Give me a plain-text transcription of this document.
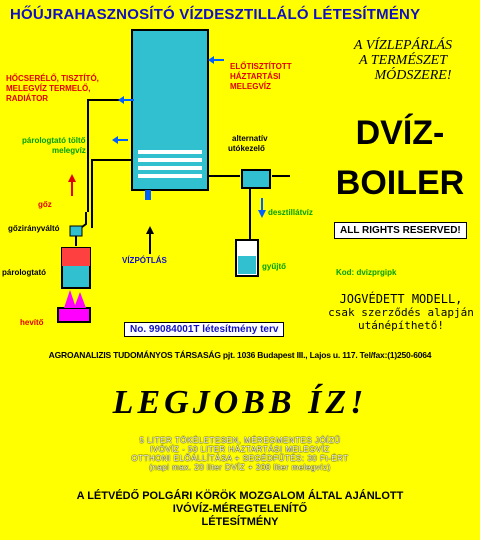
HŐÚJRAHASZNOSÍTÓ VÍZDESZTILLÁLÓ LÉTESÍTMÉNY
HŐCSERÉLŐ, TISZTÍTÓ,
MELEGVÍZ TERMELŐ,
RADIÁTOR
ELŐTISZTÍTOTT
HÁZTARTÁSI
MELEGVÍZ
párologtató töltő
melegvíz
alternatív
utókezelő
gőz
gőzirányváltó
párologtató
hevítő
VÍZPÓTLÁS
desztillátvíz
gyűjtő
A VÍZLEPÁRLÁS
A TERMÉSZET
MÓDSZERE!
DVÍZ-
BOILER
ALL RIGHTS RESERVED!
Kod: dvizprgipk
JOGVÉDETT MODELL,
csak szerződés alapján
utánépíthető!
No. 99084001T létesítmény terv
AGROANALIZIS TUDOMÁNYOS TÁRSASÁG pjt. 1036 Budapest III., Lajos u. 117. Tel/fax:(1)250-6064
LEGJOBB ÍZ!
5 LITER TÖKÉLETESEN, MÉREGMENTES JÓÍZŰ
IVÓVÍZ - 50 LITER HÁZTARTÁSI MELEGVÍZ
OTTHONI ELŐÁLLÍTÁSA + SEGÉDFŰTÉS: 30 Ft-ÉRT
(napi max. 20 liter DVÍZ + 200 liter melegvíz)
A LÉTVÉDŐ POLGÁRI KÖRÖK MOZGALOM ÁLTAL AJÁNLOTT
IVÓVÍZ-MÉREGTELENÍTŐ
LÉTESÍTMÉNY
